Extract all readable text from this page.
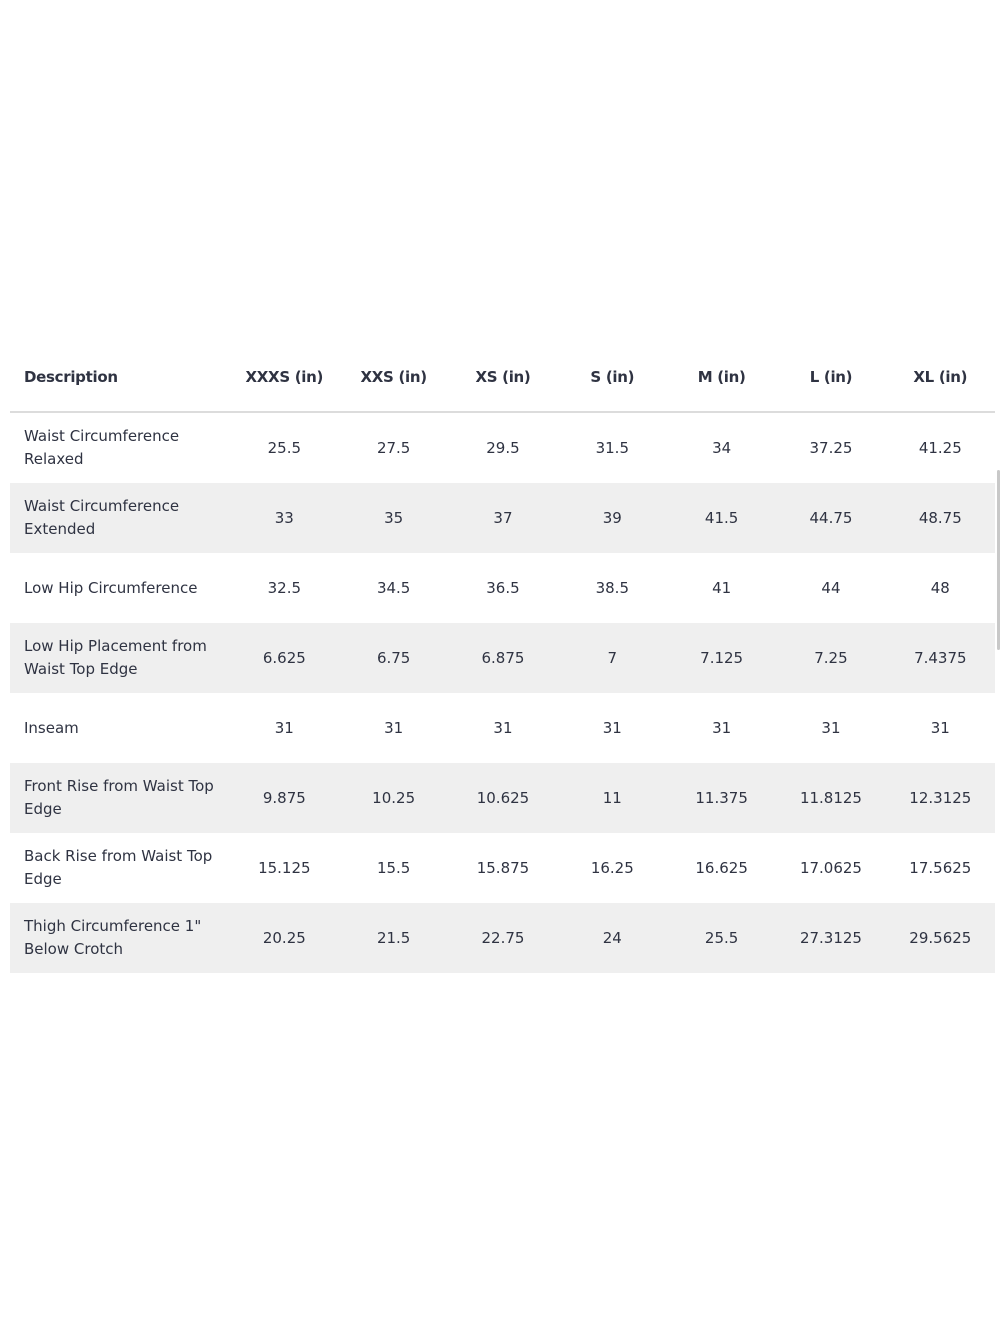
Description	XXXS (in)	XXS (in)	XS (in)	S (in)	M (in)	L (in)	XL (in)
Waist Circumference Relaxed	25.5	27.5	29.5	31.5	34	37.25	41.25
Waist Circumference Extended	33	35	37	39	41.5	44.75	48.75
Low Hip Circumference	32.5	34.5	36.5	38.5	41	44	48
Low Hip Placement from Waist Top Edge	6.625	6.75	6.875	7	7.125	7.25	7.4375
Inseam	31	31	31	31	31	31	31
Front Rise from Waist Top Edge	9.875	10.25	10.625	11	11.375	11.8125	12.3125
Back Rise from Waist Top Edge	15.125	15.5	15.875	16.25	16.625	17.0625	17.5625
Thigh Circumference 1" Below Crotch	20.25	21.5	22.75	24	25.5	27.3125	29.5625
